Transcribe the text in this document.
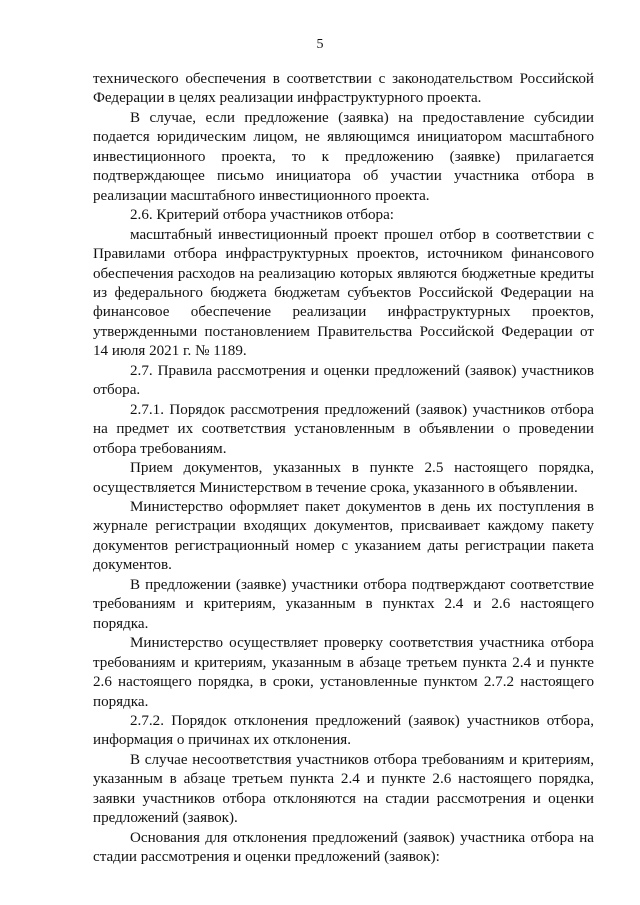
5

технического обеспечения в соответствии с законодательством Российской Федерации в целях реализации инфраструктурного проекта.

В случае, если предложение (заявка) на предоставление субсидии подается юридическим лицом, не являющимся инициатором масштабного инвестиционного проекта, то к предложению (заявке) прилагается подтверждающее письмо инициатора об участии участника отбора в реализации масштабного инвестиционного проекта.

2.6. Критерий отбора участников отбора:

масштабный инвестиционный проект прошел отбор в соответствии с Правилами отбора инфраструктурных проектов, источником финансового обеспечения расходов на реализацию которых являются бюджетные кредиты из федерального бюджета бюджетам субъектов Российской Федерации на финансовое обеспечение реализации инфраструктурных проектов, утвержденными постановлением Правительства Российской Федерации от 14 июля 2021 г. № 1189.

2.7. Правила рассмотрения и оценки предложений (заявок) участников отбора.

2.7.1. Порядок рассмотрения предложений (заявок) участников отбора на предмет их соответствия установленным в объявлении о проведении отбора требованиям.

Прием документов, указанных в пункте 2.5 настоящего порядка, осуществляется Министерством в течение срока, указанного в объявлении.

Министерство оформляет пакет документов в день их поступления в журнале регистрации входящих документов, присваивает каждому пакету документов регистрационный номер с указанием даты регистрации пакета документов.

В предложении (заявке) участники отбора подтверждают соответствие требованиям и критериям, указанным в пунктах 2.4 и 2.6 настоящего порядка.

Министерство осуществляет проверку соответствия участника отбора требованиям и критериям, указанным в абзаце третьем пункта 2.4 и пункте 2.6 настоящего порядка, в сроки, установленные пунктом 2.7.2 настоящего порядка.

2.7.2. Порядок отклонения предложений (заявок) участников отбора, информация о причинах их отклонения.

В случае несоответствия участников отбора требованиям и критериям, указанным в абзаце третьем пункта 2.4 и пункте 2.6 настоящего порядка, заявки участников отбора отклоняются на стадии рассмотрения и оценки предложений (заявок).

Основания для отклонения предложений (заявок) участника отбора на стадии рассмотрения и оценки предложений (заявок):
